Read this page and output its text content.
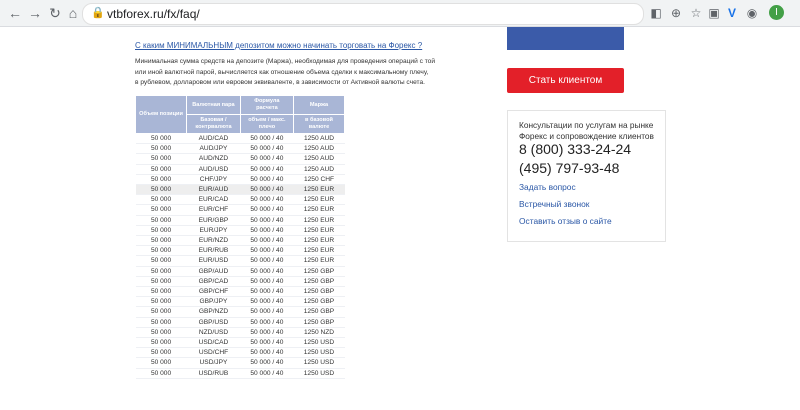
← → ↻ ⌂	🔒 vtbforex.ru/fx/faq/	◧ ⊕ ☆ ▣ V ◉	I
С каким МИНИМАЛЬНЫМ депозитом можно начинать торговать на Форекс ?
Минимальная сумма средств на депозите (Маржа), необходимая для проведения операций с той
или иной валютной парой, вычисляется как отношение объема сделки к максимальному плечу,
в рублевом, долларовом или евровом эквиваленте, в зависимости от Активной валюты счета.
Объем позиции	Валютная пара	Формула расчета	Маржа
	Базовая / контрвалюта	объем / макс. плечо	в базовой валюте
50 000	AUD/CAD	50 000 / 40	1250 AUD
50 000	AUD/JPY	50 000 / 40	1250 AUD
50 000	AUD/NZD	50 000 / 40	1250 AUD
50 000	AUD/USD	50 000 / 40	1250 AUD
50 000	CHF/JPY	50 000 / 40	1250 CHF
50 000	EUR/AUD	50 000 / 40	1250 EUR
50 000	EUR/CAD	50 000 / 40	1250 EUR
50 000	EUR/CHF	50 000 / 40	1250 EUR
50 000	EUR/GBP	50 000 / 40	1250 EUR
50 000	EUR/JPY	50 000 / 40	1250 EUR
50 000	EUR/NZD	50 000 / 40	1250 EUR
50 000	EUR/RUB	50 000 / 40	1250 EUR
50 000	EUR/USD	50 000 / 40	1250 EUR
50 000	GBP/AUD	50 000 / 40	1250 GBP
50 000	GBP/CAD	50 000 / 40	1250 GBP
50 000	GBP/CHF	50 000 / 40	1250 GBP
50 000	GBP/JPY	50 000 / 40	1250 GBP
50 000	GBP/NZD	50 000 / 40	1250 GBP
50 000	GBP/USD	50 000 / 40	1250 GBP
50 000	NZD/USD	50 000 / 40	1250 NZD
50 000	USD/CAD	50 000 / 40	1250 USD
50 000	USD/CHF	50 000 / 40	1250 USD
50 000	USD/JPY	50 000 / 40	1250 USD
50 000	USD/RUB	50 000 / 40	1250 USD
Стать клиентом
Консультации по услугам на рынке Форекс и сопровождение клиентов
8 (800) 333-24-24
(495) 797-93-48
Задать вопрос
Встречный звонок
Оставить отзыв о сайте
